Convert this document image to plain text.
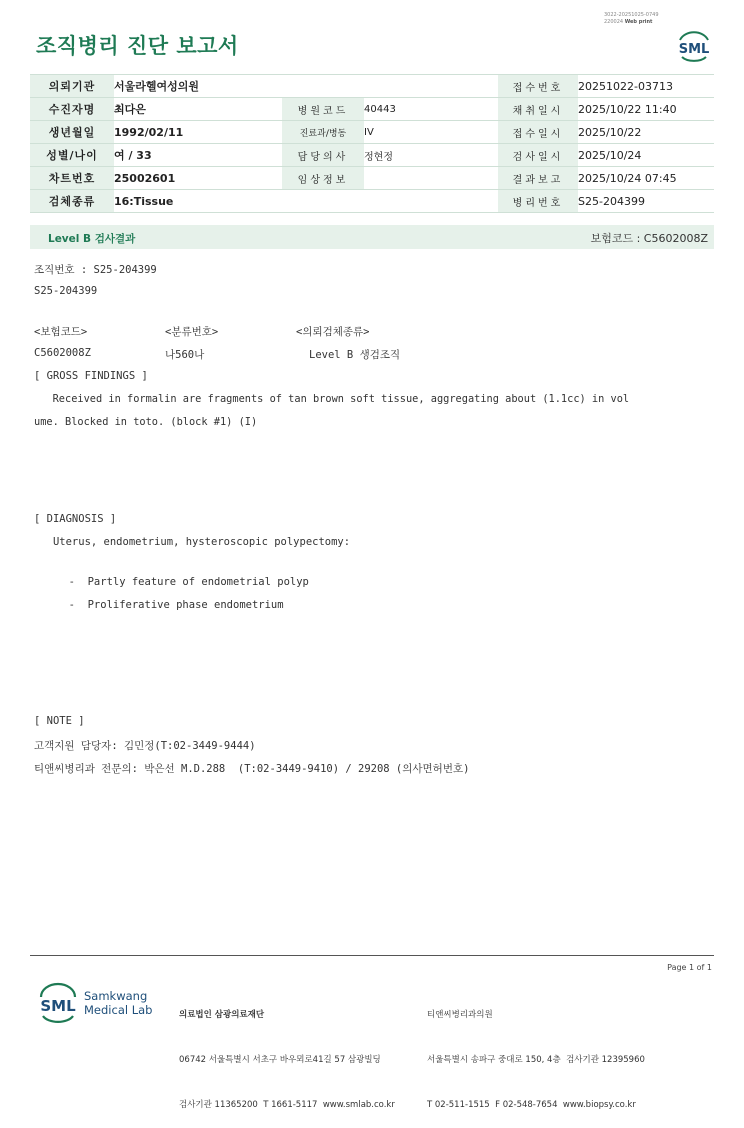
조직병리 진단 보고서
3022-20251025-0749
220024 Web print
SML
의뢰기관	서울라헬여성의원			접수번호	20251022-03713
수진자명	최다은	병원코드	40443	채취일시	2025/10/22 11:40
생년월일	1992/02/11	진료과/병동	IV	접수일시	2025/10/22
성별/나이	여 / 33	담당의사	정현정	검사일시	2025/10/24
차트번호	25002601	임상정보		결과보고	2025/10/24 07:45
검체종류	16:Tissue			병리번호	S25-204399
Level B 검사결과	보험코드 : C5602008Z
조직번호 : S25-204399
S25-204399
<보험코드>	<분류번호>	<의뢰검체종류>
C5602008Z	나560나	Level B 생검조직
[ GROSS FINDINGS ]
Received in formalin are fragments of tan brown soft tissue, aggregating about (1.1cc) in vol
ume. Blocked in toto. (block #1) (I)
[ DIAGNOSIS ]
Uterus, endometrium, hysteroscopic polypectomy:
-  Partly feature of endometrial polyp
-  Proliferative phase endometrium
[ NOTE ]
고객지원 담당자: 김민정(T:02-3449-9444)
티앤씨병리과 전문의: 박은선 M.D.288  (T:02-3449-9410) / 29208 (의사면허번호)
Page 1 of 1
SML
Samkwang
Medical Lab

	의료법인 삼광의료재단

06742 서울특별시 서초구 바우뫼로41길 57 삼광빌딩

검사기관 11365200  T 1661-5117  www.smlab.co.kr

티앤씨병리과의원

서울특별시 송파구 중대로 150, 4층  검사기관 12395960

T 02-511-1515  F 02-548-7654  www.biopsy.co.kr
